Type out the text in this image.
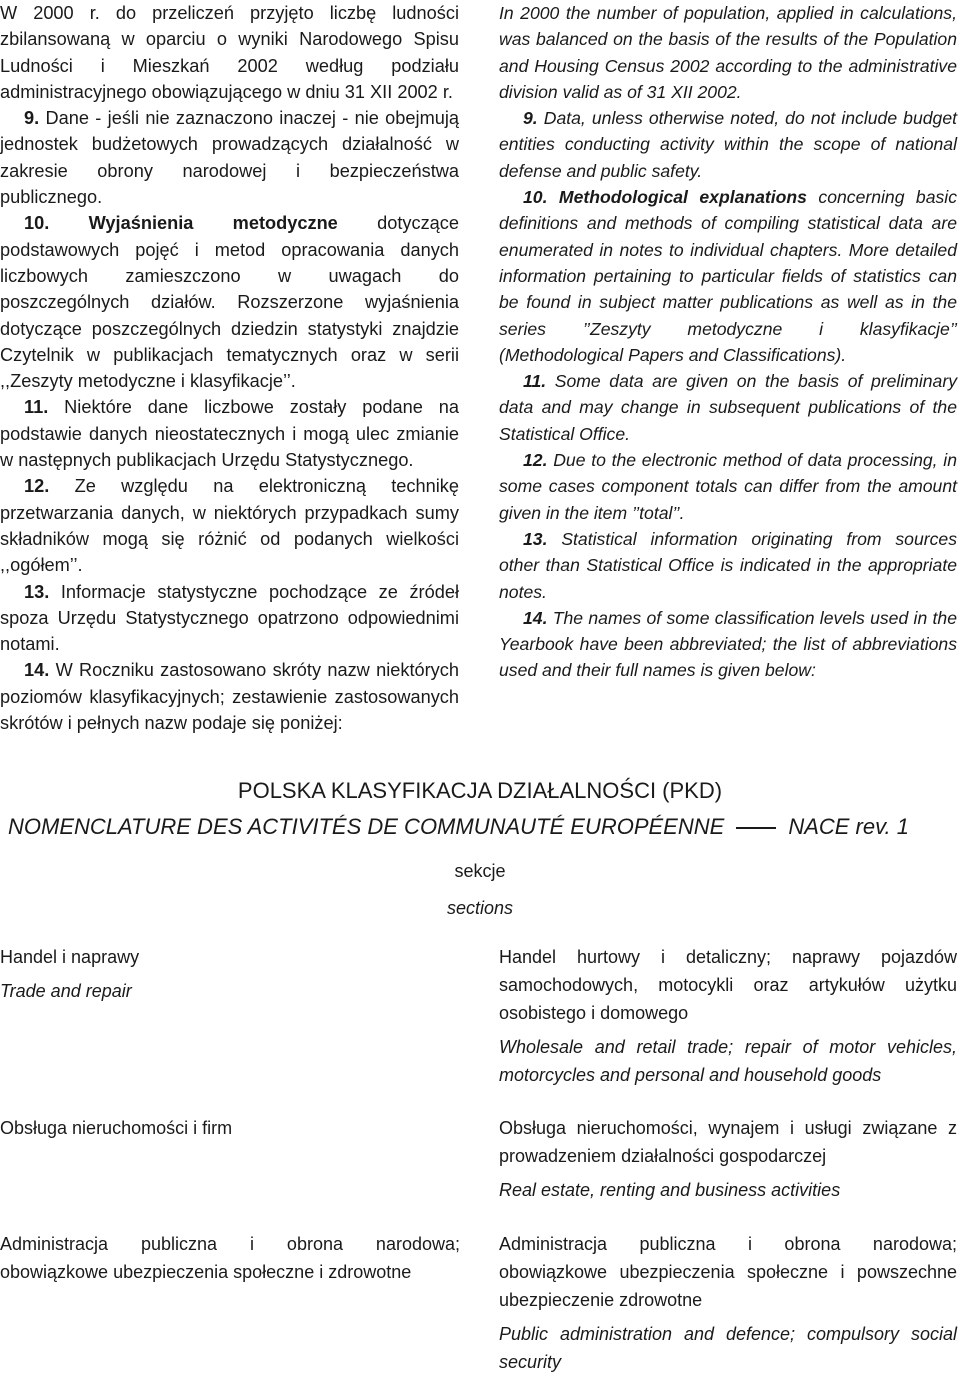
W 2000 r. do przeliczeń przyjęto liczbę ludności zbilansowaną w oparciu o wyniki Narodowego Spisu Ludności i Mieszkań 2002 według podziału administracyjnego obowiązującego w dniu 31 XII 2002 r.

9. Dane - jeśli nie zaznaczono inaczej - nie obejmują jednostek budżetowych prowadzących działalność w zakresie obrony narodowej i bezpieczeństwa publicznego.

10. Wyjaśnienia metodyczne dotyczące podstawowych pojęć i metod opracowania danych liczbowych zamieszczono w uwagach do poszczególnych działów. Rozszerzone wyjaśnienia dotyczące poszczególnych dziedzin statystyki znajdzie Czytelnik w publikacjach tematycznych oraz w serii ,,Zeszyty metodyczne i klasyfikacje’’.

11. Niektóre dane liczbowe zostały podane na podstawie danych nieostatecznych i mogą ulec zmianie w następnych publikacjach Urzędu Statystycznego.

12. Ze względu na elektroniczną technikę przetwarzania danych, w niektórych przypadkach sumy składników mogą się różnić od podanych wielkości ,,ogółem’’.

13. Informacje statystyczne pochodzące ze źródeł spoza Urzędu Statystycznego opatrzono odpowiednimi notami.

14. W Roczniku zastosowano skróty nazw niektórych poziomów klasyfikacyjnych; zestawienie zastosowanych skrótów i pełnych nazw podaje się poniżej:

In 2000 the number of population, applied in calculations, was balanced on the basis of the results of the Population and Housing Census 2002 according to the administrative division valid as of 31 XII 2002.

9. Data, unless otherwise noted, do not include budget entities conducting activity within the scope of national defense and public safety.

10. Methodological explanations concerning basic definitions and methods of compiling statistical data are enumerated in notes to individual chapters. More detailed information pertaining to particular fields of statistics can be found in subject matter publications as well as in the series ’’Zeszyty metodyczne i klasyfikacje’’ (Methodological Papers and Classifications).

11. Some data are given on the basis of preliminary data and may change in subsequent publications of the Statistical Office.

12. Due to the electronic method of data processing, in some cases component totals can differ from the amount given in the item ’’total’’.

13. Statistical information originating from sources other than Statistical Office is indicated in the appropriate notes.

14. The names of some classification levels used in the Yearbook have been abbreviated; the list of abbreviations used and their full names is given below:

POLSKA KLASYFIKACJA DZIAŁALNOŚCI (PKD)
NOMENCLATURE DES ACTIVITÉS DE COMMUNAUTÉ EUROPÉENNE	NACE rev. 1
sekcje
sections
Handel i naprawy
Trade and repair
Handel hurtowy i detaliczny; naprawy pojazdów samochodowych, motocykli oraz artykułów użytku osobistego i domowego
Wholesale and retail trade; repair of motor vehicles, motorcycles and personal and household goods
Obsługa nieruchomości i firm	Obsługa nieruchomości, wynajem i usługi związane z prowadzeniem działalności gospodarczej
Real estate, renting and business activities
Administracja publiczna i obrona narodowa; obowiązkowe ubezpieczenia społeczne i zdrowotne
Administracja publiczna i obrona narodowa; obowiązkowe ubezpieczenia społeczne i powszechne ubezpieczenie zdrowotne
Public administration and defence; compulsory social security
